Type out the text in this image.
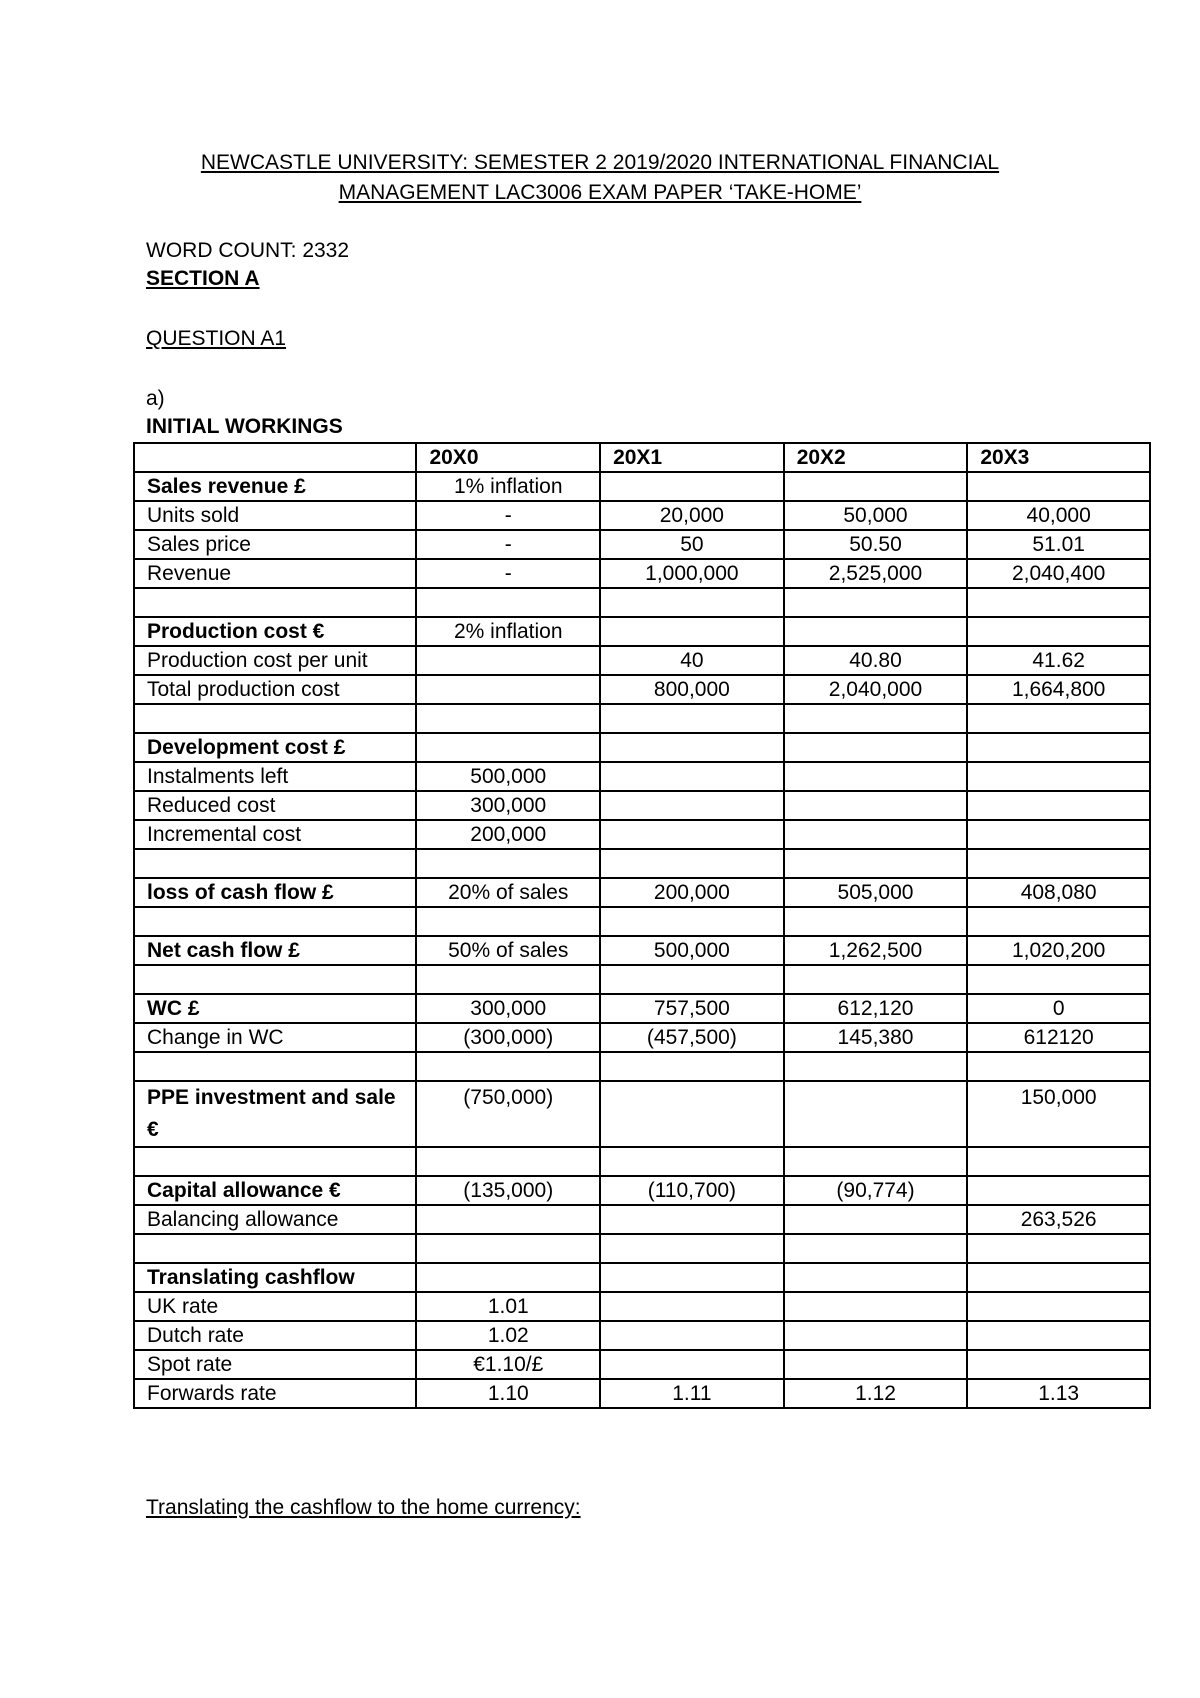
NEWCASTLE UNIVERSITY: SEMESTER 2 2019/2020 INTERNATIONAL FINANCIAL
MANAGEMENT LAC3006 EXAM PAPER ‘TAKE-HOME’
WORD COUNT: 2332
SECTION A
QUESTION A1
a)
INITIAL WORKINGS
	20X0	20X1	20X2	20X3
Sales revenue £	1% inflation			
Units sold	-	20,000	50,000	40,000
Sales price	-	50	50.50	51.01
Revenue	-	1,000,000	2,525,000	2,040,400

Production cost €	2% inflation			
Production cost per unit		40	40.80	41.62
Total production cost		800,000	2,040,000	1,664,800

Development cost £				
Instalments left	500,000			
Reduced cost	300,000			
Incremental cost	200,000			

loss of cash flow £	20% of sales	200,000	505,000	408,080

Net cash flow £	50% of sales	500,000	1,262,500	1,020,200

WC £	300,000	757,500	612,120	0
Change in WC	(300,000)	(457,500)	145,380	612120

PPE investment and sale €	(750,000)			150,000

Capital allowance €	(135,000)	(110,700)	(90,774)	
Balancing allowance				263,526

Translating cashflow				
UK rate	1.01			
Dutch rate	1.02			
Spot rate	€1.10/£			
Forwards rate	1.10	1.11	1.12	1.13
Translating the cashflow to the home currency:
